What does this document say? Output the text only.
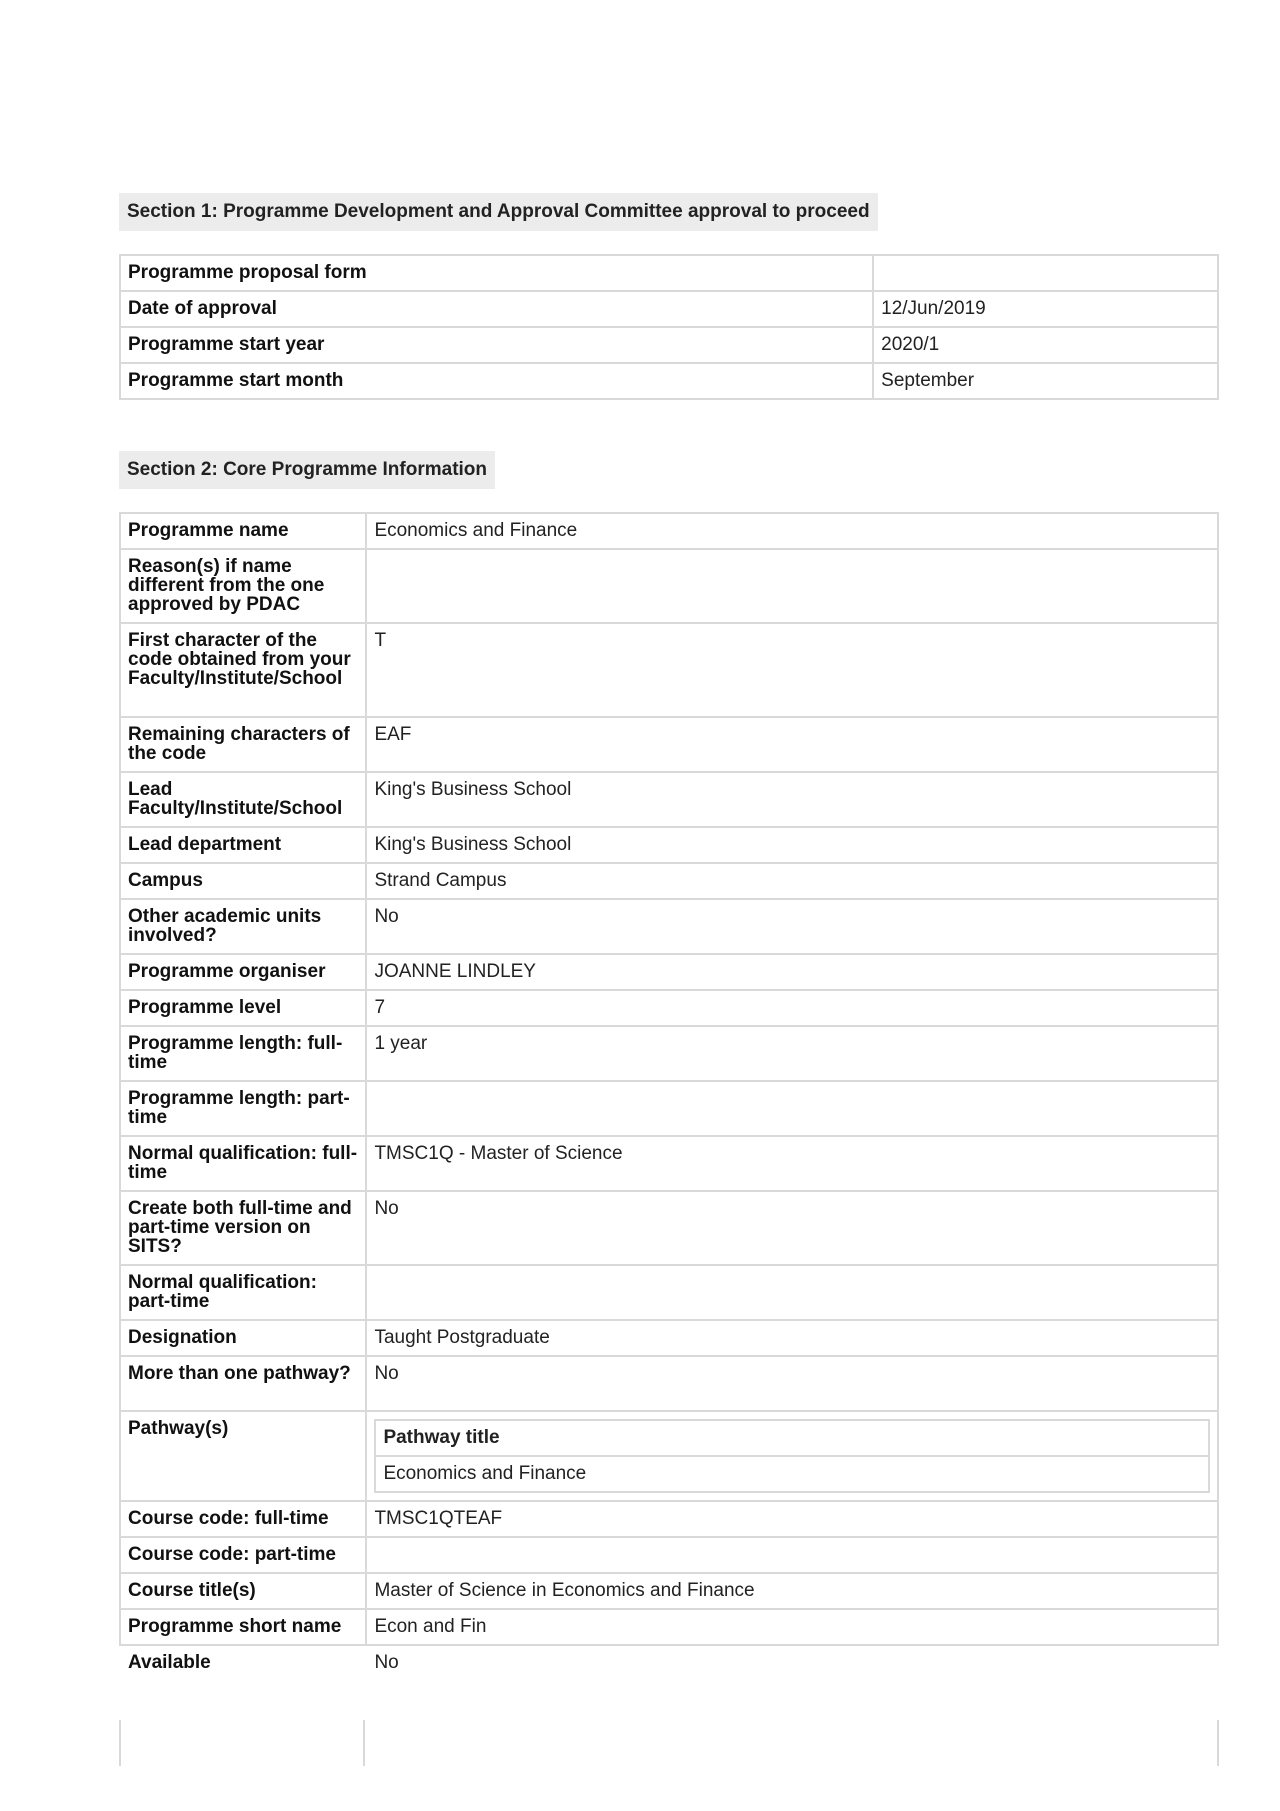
Section 1: Programme Development and Approval Committee approval to proceed
Programme proposal form	
Date of approval	12/Jun/2019
Programme start year	2020/1
Programme start month	September
Section 2: Core Programme Information
Programme name	Economics and Finance
Reason(s) if name different from the one approved by PDAC	
First character of the code obtained from your Faculty/Institute/School	T
Remaining characters of the code	EAF
Lead Faculty/Institute/School	King's Business School
Lead department	King's Business School
Campus	Strand Campus
Other academic units involved?	No
Programme organiser	JOANNE LINDLEY
Programme level	7
Programme length: full-time	1 year
Programme length: part-time	
Normal qualification: full-time	TMSC1Q - Master of Science
Create both full-time and part-time version on SITS?	No
Normal qualification: part-time	
Designation	Taught Postgraduate
More than one pathway?	No
Pathway(s)		Pathway title
Economics and Finance

Course code: full-time	TMSC1QTEAF
Course code: part-time	
Course title(s)	Master of Science in Economics and Finance
Programme short name	Econ and Fin
Available	No
